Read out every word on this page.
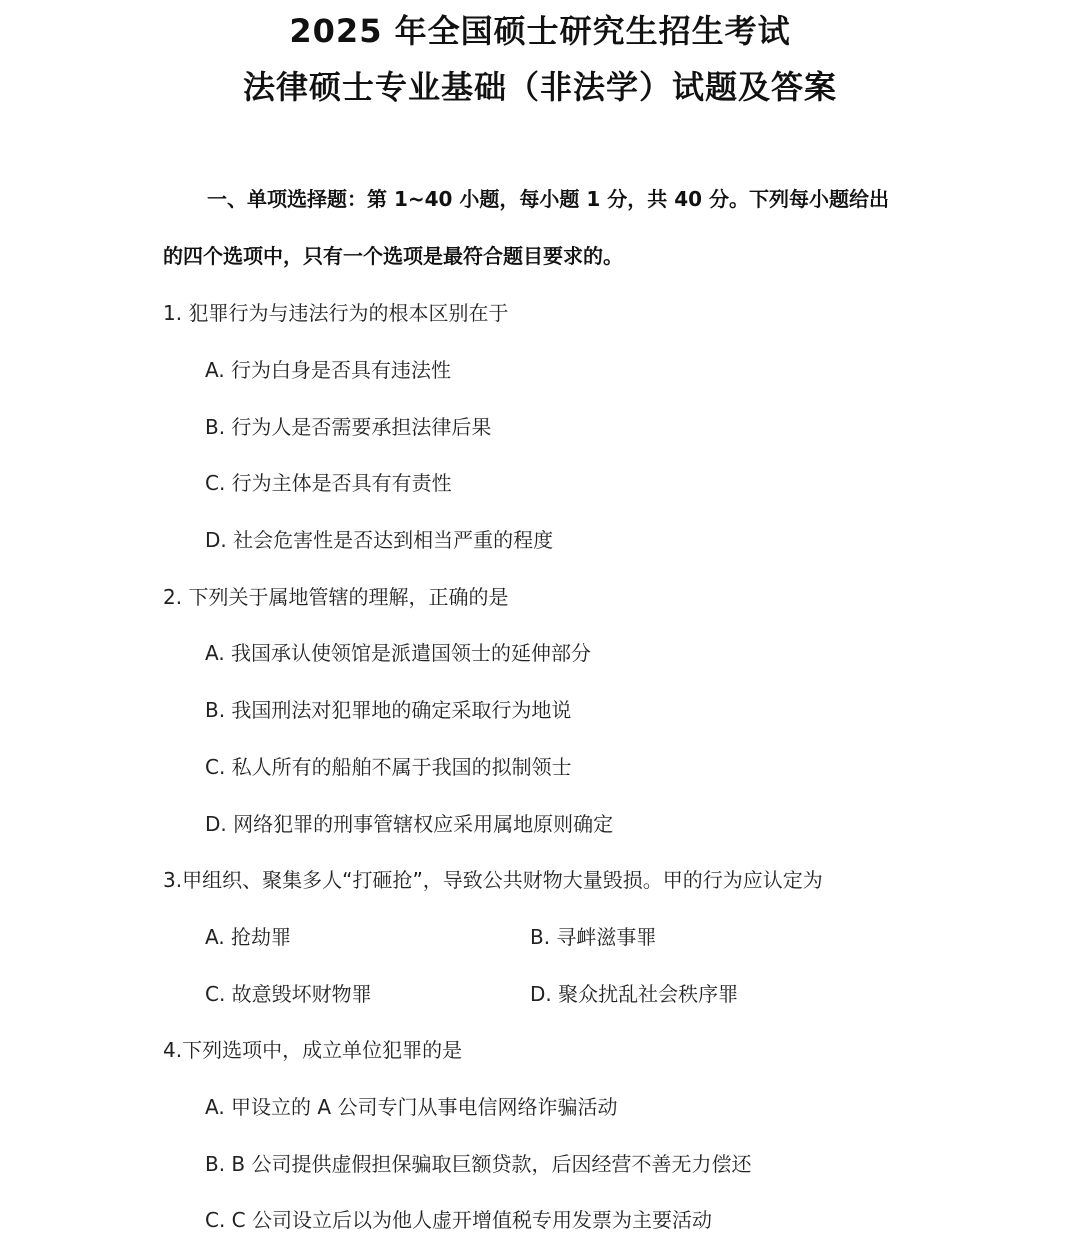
2025 年全国硕士研究生招生考试
法律硕士专业基础（非法学）试题及答案
一、单项选择题：第 1~40 小题，每小题 1 分，共 40 分。下列每小题给出
的四个选项中，只有一个选项是最符合题目要求的。
1. 犯罪行为与违法行为的根本区别在于
A. 行为白身是否具有违法性
B. 行为人是否需要承担法律后果
C. 行为主体是否具有有责性
D. 社会危害性是否达到相当严重的程度
2. 下列关于属地管辖的理解，正确的是
A. 我国承认使领馆是派遣国领士的延伸部分
B. 我国刑法对犯罪地的确定采取行为地说
C. 私人所有的船舶不属于我国的拟制领士
D. 网络犯罪的刑事管辖权应采用属地原则确定
3.甲组织、聚集多人“打砸抢”，导致公共财物大量毁损。甲的行为应认定为
A. 抢劫罪	B. 寻衅滋事罪
C. 故意毁坏财物罪	D. 聚众扰乱社会秩序罪
4.下列选项中，成立单位犯罪的是
A. 甲设立的 A 公司专门从事电信网络诈骗活动
B. B 公司提供虚假担保骗取巨额贷款，后因经营不善无力偿还
C. C 公司设立后以为他人虚开增值税专用发票为主要活动
